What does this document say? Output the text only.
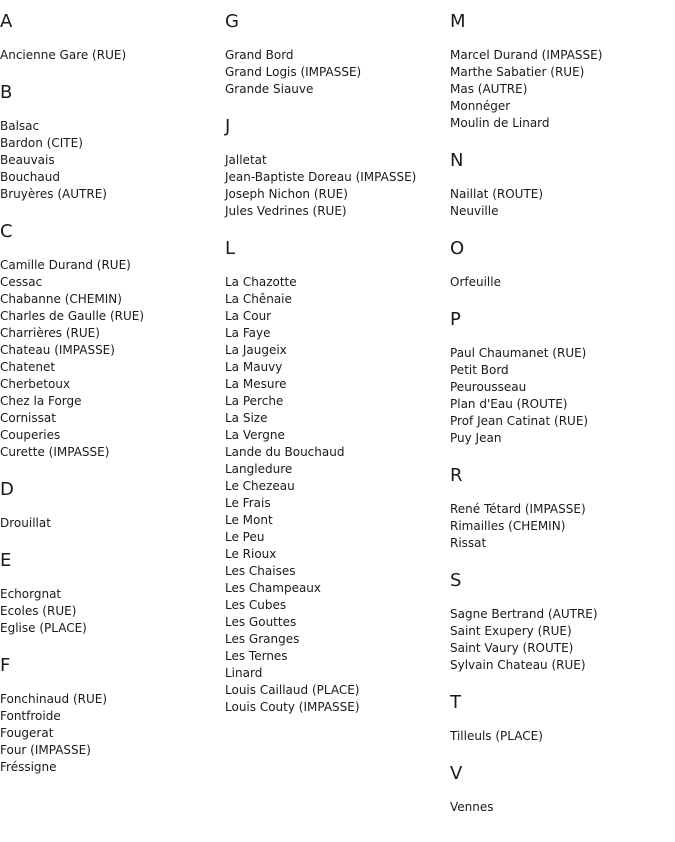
A
Ancienne Gare (RUE)
B
Balsac
Bardon (CITE)
Beauvais
Bouchaud
Bruyères (AUTRE)
C
Camille Durand (RUE)
Cessac
Chabanne (CHEMIN)
Charles de Gaulle (RUE)
Charrières (RUE)
Chateau (IMPASSE)
Chatenet
Cherbetoux
Chez la Forge
Cornissat
Couperies
Curette (IMPASSE)
D
Drouillat
E
Echorgnat
Ecoles (RUE)
Eglise (PLACE)
F
Fonchinaud (RUE)
Fontfroide
Fougerat
Four (IMPASSE)
Fréssigne
G
Grand Bord
Grand Logis (IMPASSE)
Grande Siauve
J
Jalletat
Jean-Baptiste Doreau (IMPASSE)
Joseph Nichon (RUE)
Jules Vedrines (RUE)
L
La Chazotte
La Chênaie
La Cour
La Faye
La Jaugeix
La Mauvy
La Mesure
La Perche
La Size
La Vergne
Lande du Bouchaud
Langledure
Le Chezeau
Le Frais
Le Mont
Le Peu
Le Rioux
Les Chaises
Les Champeaux
Les Cubes
Les Gouttes
Les Granges
Les Ternes
Linard
Louis Caillaud (PLACE)
Louis Couty (IMPASSE)
M
Marcel Durand (IMPASSE)
Marthe Sabatier (RUE)
Mas (AUTRE)
Monnéger
Moulin de Linard
N
Naillat (ROUTE)
Neuville
O
Orfeuille
P
Paul Chaumanet (RUE)
Petit Bord
Peurousseau
Plan d'Eau (ROUTE)
Prof Jean Catinat (RUE)
Puy Jean
R
René Tétard (IMPASSE)
Rimailles (CHEMIN)
Rissat
S
Sagne Bertrand (AUTRE)
Saint Exupery (RUE)
Saint Vaury (ROUTE)
Sylvain Chateau (RUE)
T
Tilleuls (PLACE)
V
Vennes
